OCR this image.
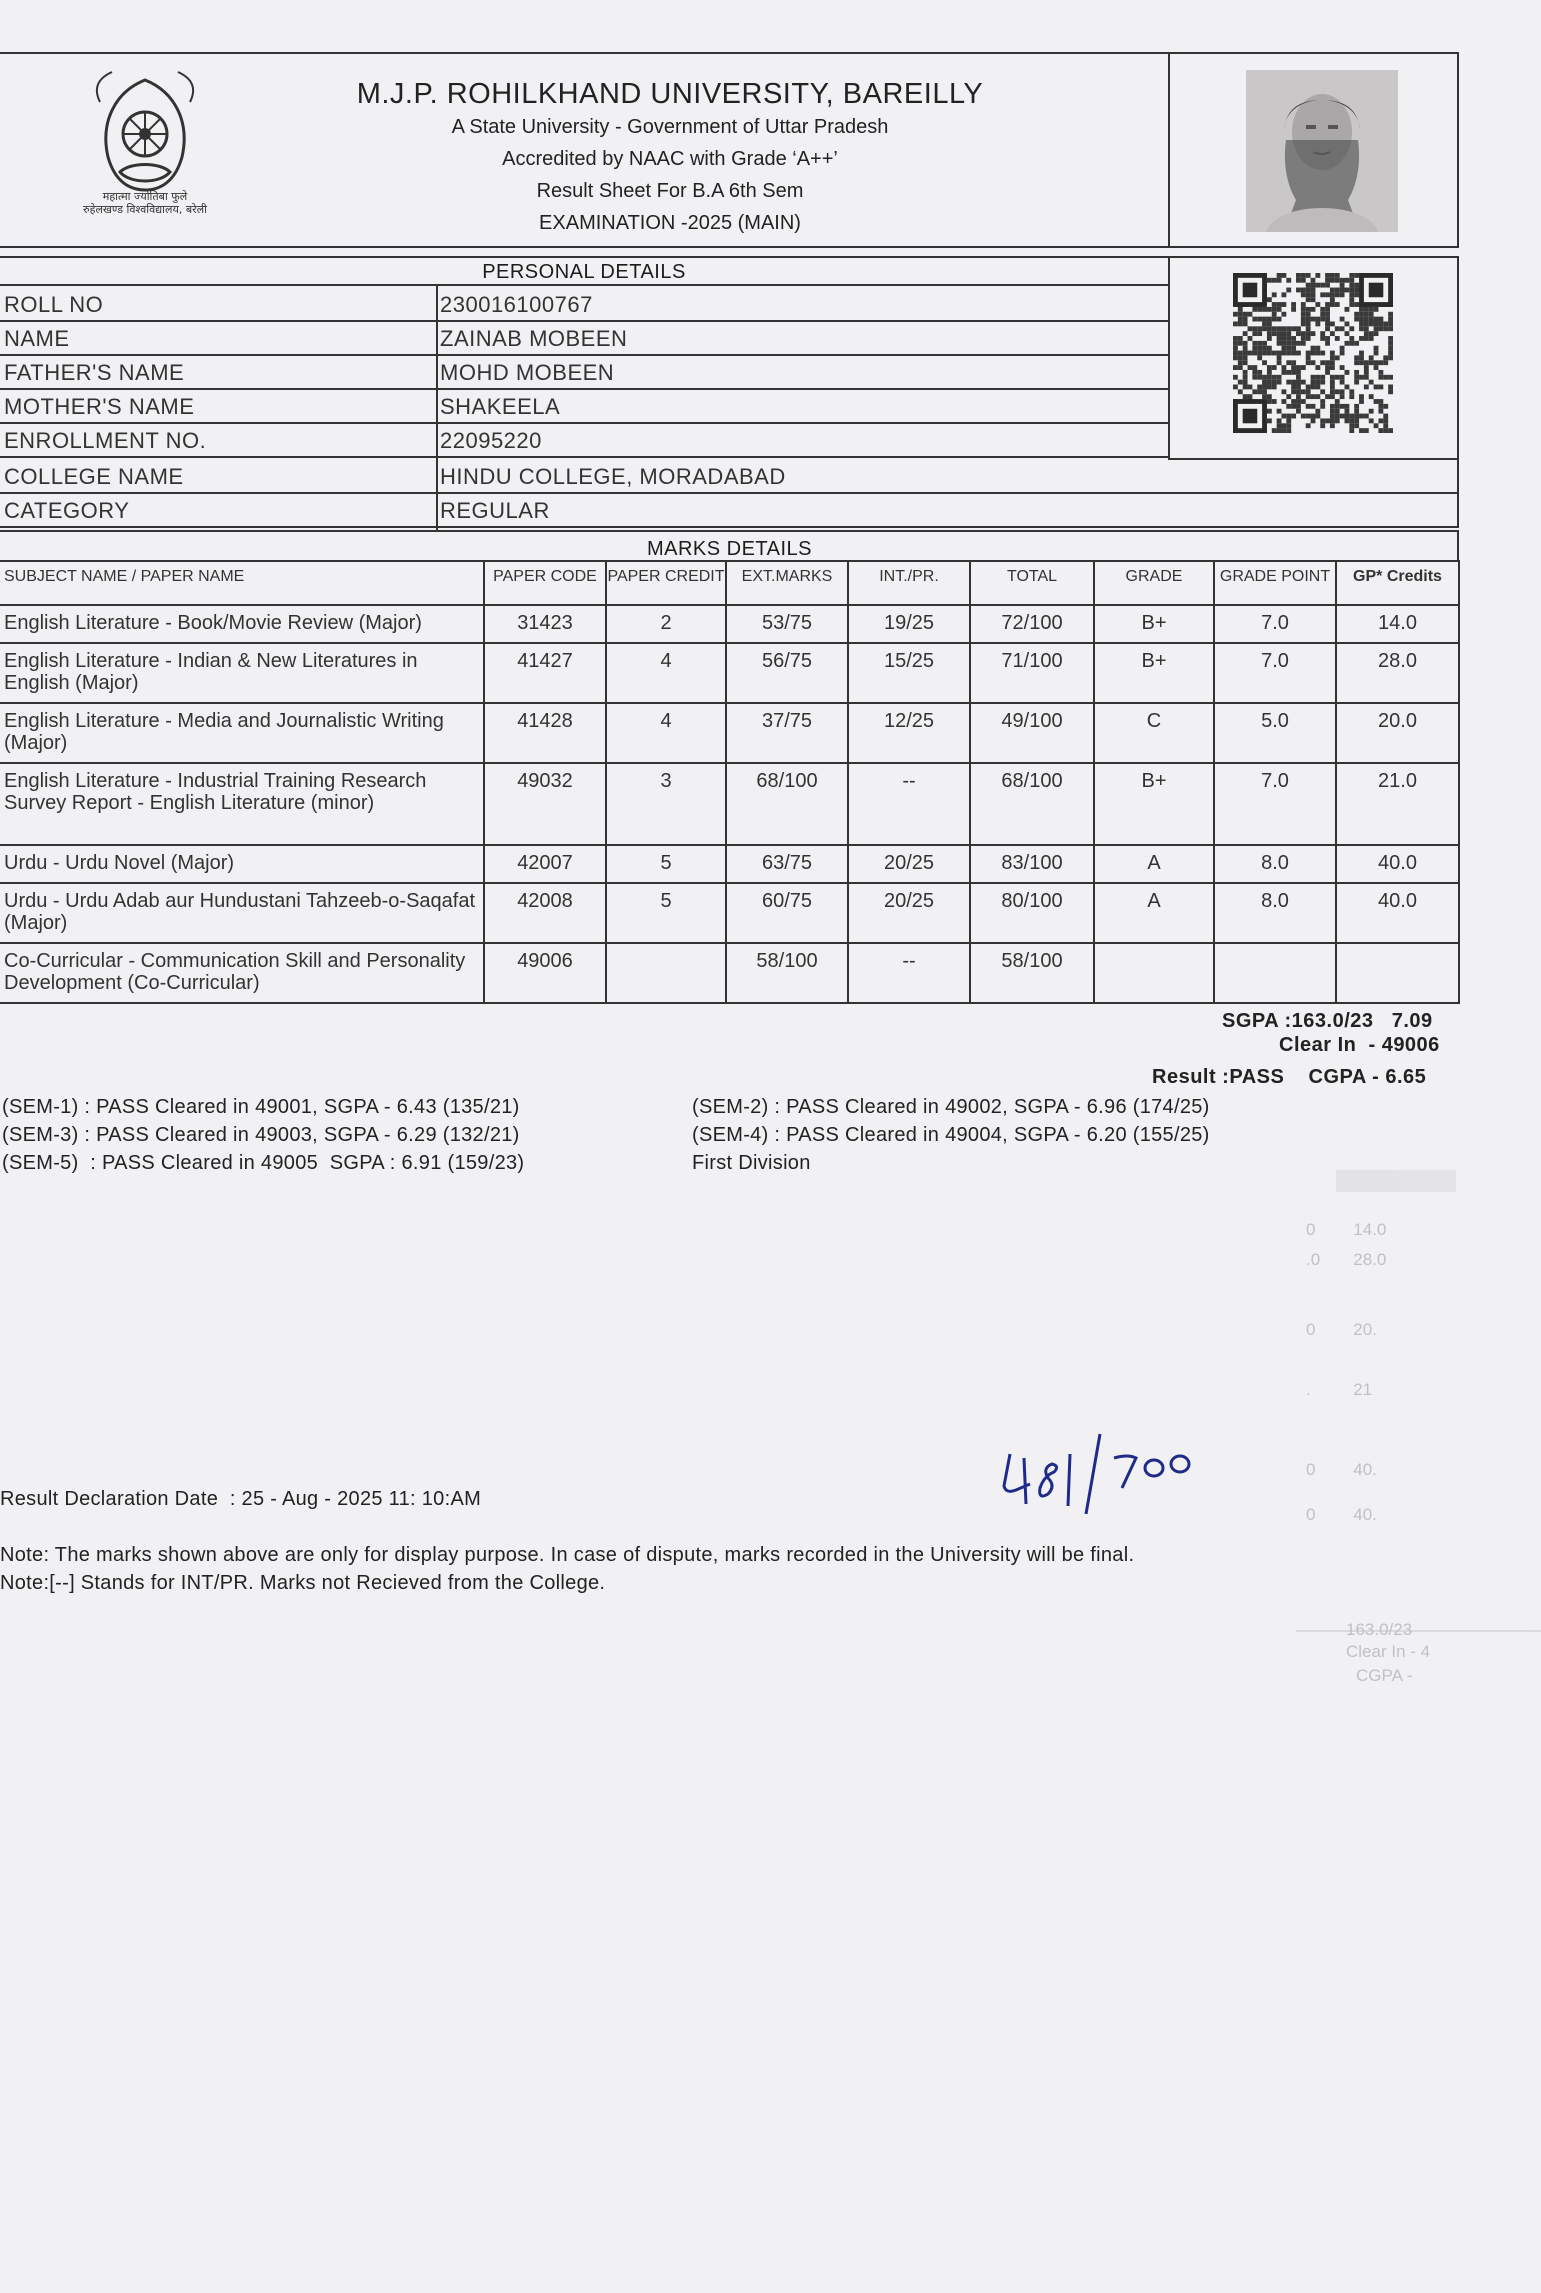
महात्मा ज्योतिबा फुले
रुहेलखण्ड विश्वविद्यालय, बरेली
M.J.P. ROHILKHAND UNIVERSITY, BAREILLY
A State University - Government of Uttar Pradesh
Accredited by NAAC with Grade ‘A++’
Result Sheet For B.A 6th Sem
EXAMINATION -2025 (MAIN)
PERSONAL DETAILS
ROLL NO	230016100767
NAME	ZAINAB MOBEEN
FATHER'S NAME	MOHD MOBEEN
MOTHER'S NAME	SHAKEELA
ENROLLMENT NO.	22095220
COLLEGE NAME	HINDU COLLEGE, MORADABAD
CATEGORY	REGULAR
MARKS DETAILS
SUBJECT NAME / PAPER NAME	PAPER CODE	PAPER CREDIT	EXT.MARKS	INT./PR.	TOTAL	GRADE	GRADE POINT	GP* Credits
English Literature - Book/Movie Review (Major)	31423	2	53/75	19/25	72/100	B+	7.0	14.0
English Literature - Indian & New Literatures in English (Major)	41427	4	56/75	15/25	71/100	B+	7.0	28.0
English Literature - Media and Journalistic Writing (Major)	41428	4	37/75	12/25	49/100	C	5.0	20.0
English Literature - Industrial Training Research Survey Report - English Literature (minor)	49032	3	68/100	--	68/100	B+	7.0	21.0
Urdu - Urdu Novel (Major)	42007	5	63/75	20/25	83/100	A	8.0	40.0
Urdu - Urdu Adab aur Hundustani Tahzeeb-o-Saqafat (Major)	42008	5	60/75	20/25	80/100	A	8.0	40.0
Co-Curricular - Communication Skill and Personality Development (Co-Curricular)	49006		58/100	--	58/100			
SGPA :163.0/23   7.09
Clear In  - 49006
Result :PASS    CGPA - 6.65
(SEM-1) : PASS Cleared in 49001, SGPA - 6.43 (135/21)	(SEM-2) : PASS Cleared in 49002, SGPA - 6.96 (174/25)
(SEM-3) : PASS Cleared in 49003, SGPA - 6.29 (132/21)	(SEM-4) : PASS Cleared in 49004, SGPA - 6.20 (155/25)
(SEM-5)  : PASS Cleared in 49005  SGPA : 6.91 (159/23)	First Division
Result Declaration Date  : 25 - Aug - 2025 11: 10:AM
Note: The marks shown above are only for display purpose. In case of dispute, marks recorded in the University will be final.
Note:[--] Stands for INT/PR. Marks not Recieved from the College.
0        14.0
.0       28.0
0        20.
.         21
0        40.
0        40.
163.0/23
Clear In - 4
CGPA -
